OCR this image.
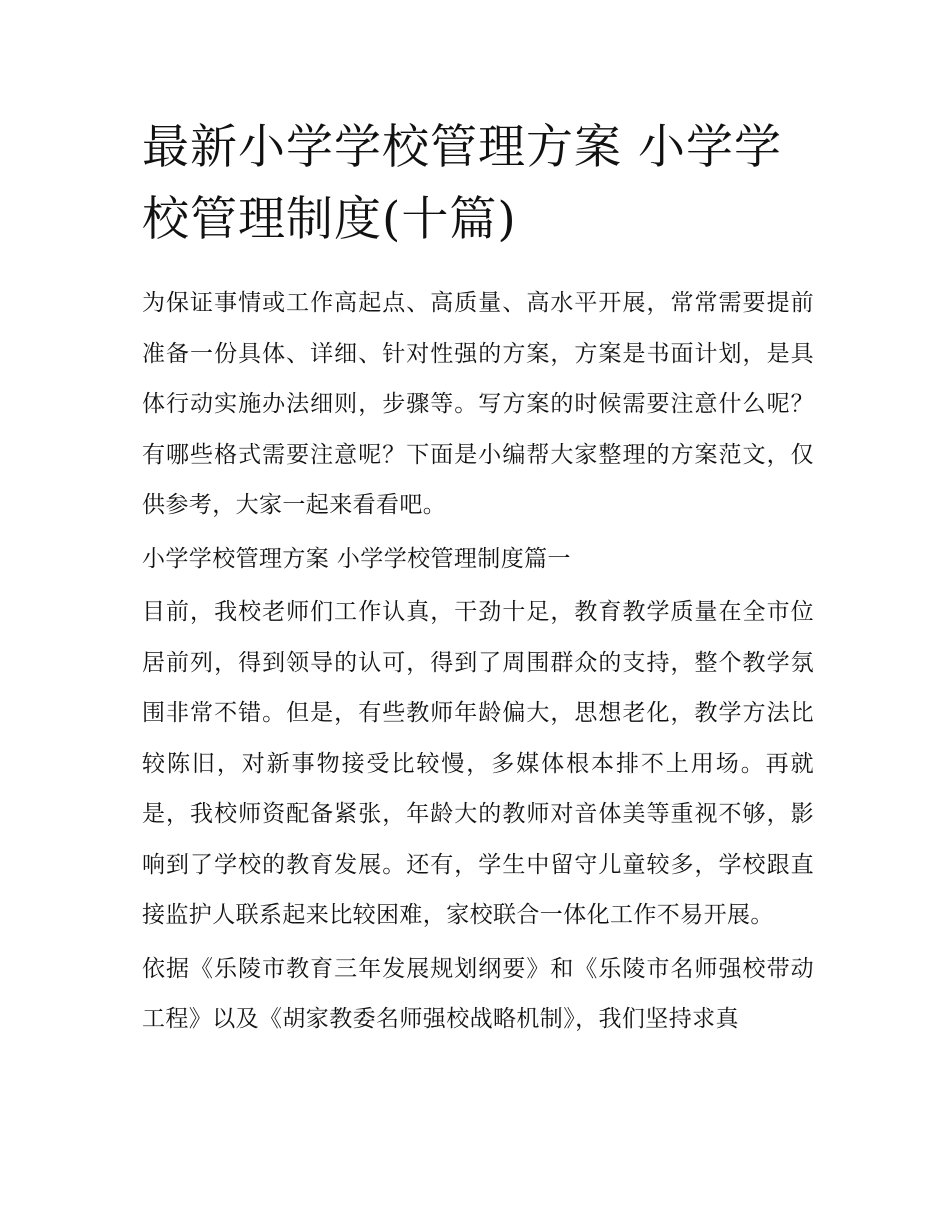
最新小学学校管理方案 小学学校管理制度(十篇)

为保证事情或工作高起点、高质量、高水平开展，常常需要提前准备一份具体、详细、针对性强的方案，方案是书面计划，是具体行动实施办法细则，步骤等。写方案的时候需要注意什么呢？有哪些格式需要注意呢？下面是小编帮大家整理的方案范文，仅供参考，大家一起来看看吧。

小学学校管理方案 小学学校管理制度篇一

目前，我校老师们工作认真，干劲十足，教育教学质量在全市位居前列，得到领导的认可，得到了周围群众的支持，整个教学氛围非常不错。但是，有些教师年龄偏大，思想老化，教学方法比较陈旧，对新事物接受比较慢，多媒体根本排不上用场。再就是，我校师资配备紧张，年龄大的教师对音体美等重视不够，影响到了学校的教育发展。还有，学生中留守儿童较多，学校跟直接监护人联系起来比较困难，家校联合一体化工作不易开展。

依据《乐陵市教育三年发展规划纲要》和《乐陵市名师强校带动工程》以及《胡家教委名师强校战略机制》，我们坚持求真
